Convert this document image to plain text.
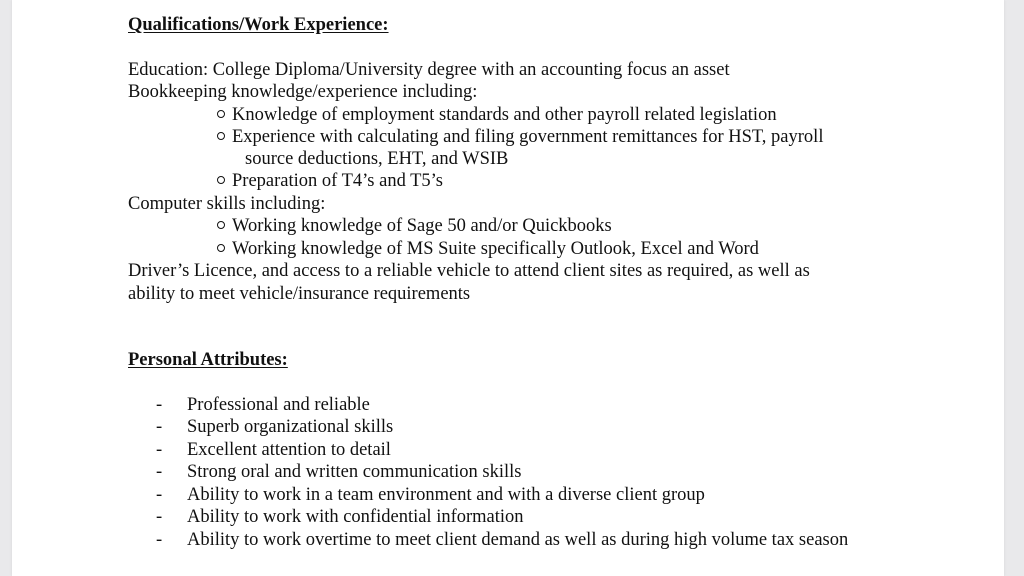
Qualifications/Work Experience:
Education: College Diploma/University degree with an accounting focus an asset
Bookkeeping knowledge/experience including:
Knowledge of employment standards and other payroll related legislation
Experience with calculating and filing government remittances for HST, payroll
source deductions, EHT, and WSIB
Preparation of T4’s and T5’s
Computer skills including:
Working knowledge of Sage 50 and/or Quickbooks
Working knowledge of MS Suite specifically Outlook, Excel and Word
Driver’s Licence, and access to a reliable vehicle to attend client sites as required, as well as
ability to meet vehicle/insurance requirements
Personal Attributes:
- Professional and reliable
- Superb organizational skills
- Excellent attention to detail
- Strong oral and written communication skills
- Ability to work in a team environment and with a diverse client group
- Ability to work with confidential information
- Ability to work overtime to meet client demand as well as during high volume tax season
